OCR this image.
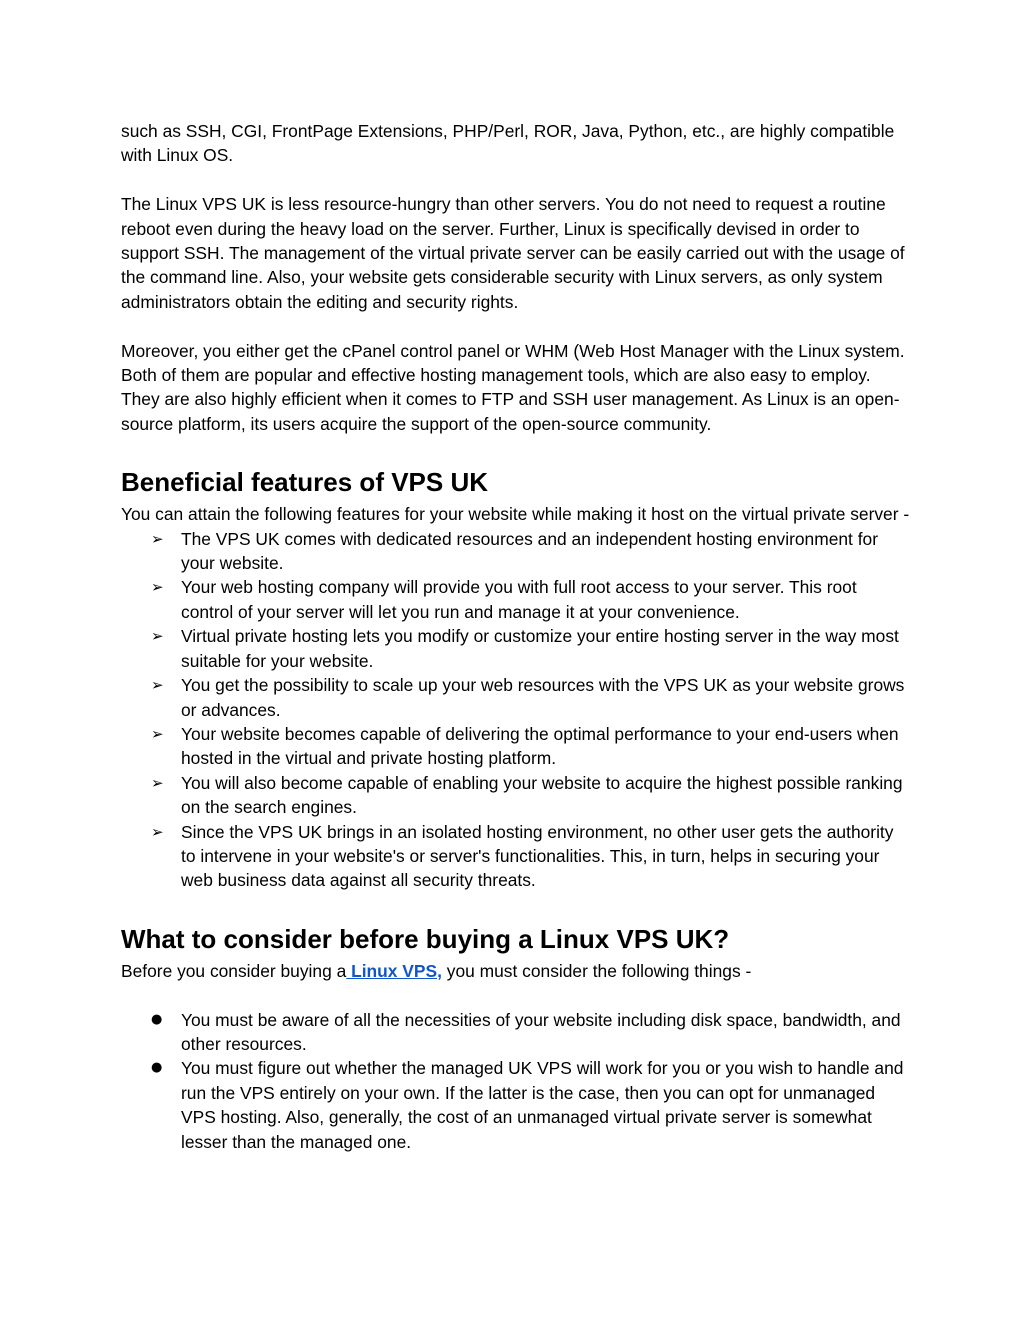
such as SSH, CGI, FrontPage Extensions, PHP/Perl, ROR, Java, Python, etc., are highly compatible with Linux OS.

The Linux VPS UK is less resource-hungry than other servers. You do not need to request a routine reboot even during the heavy load on the server. Further, Linux is specifically devised in order to support SSH. The management of the virtual private server can be easily carried out with the usage of the command line. Also, your website gets considerable security with Linux servers, as only system administrators obtain the editing and security rights.

Moreover, you either get the cPanel control panel or WHM (Web Host Manager with the Linux system. Both of them are popular and effective hosting management tools, which are also easy to employ. They are also highly efficient when it comes to FTP and SSH user management. As Linux is an open-source platform, its users acquire the support of the open-source community.

Beneficial features of VPS UK

You can attain the following features for your website while making it host on the virtual private server -

➢	The VPS UK comes with dedicated resources and an independent hosting environment for your website.
➢	Your web hosting company will provide you with full root access to your server. This root control of your server will let you run and manage it at your convenience.
➢	Virtual private hosting lets you modify or customize your entire hosting server in the way most suitable for your website.
➢	You get the possibility to scale up your web resources with the VPS UK as your website grows or advances.
➢	Your website becomes capable of delivering the optimal performance to your end-users when hosted in the virtual and private hosting platform.
➢	You will also become capable of enabling your website to acquire the highest possible ranking on the search engines.
➢	Since the VPS UK brings in an isolated hosting environment, no other user gets the authority to intervene in your website's or server's functionalities. This, in turn, helps in securing your web business data against all security threats.
What to consider before buying a Linux VPS UK?

Before you consider buying a Linux VPS, you must consider the following things -

●	You must be aware of all the necessities of your website including disk space, bandwidth, and other resources.
●	You must figure out whether the managed UK VPS will work for you or you wish to handle and run the VPS entirely on your own. If the latter is the case, then you can opt for unmanaged VPS hosting. Also, generally, the cost of an unmanaged virtual private server is somewhat lesser than the managed one.
